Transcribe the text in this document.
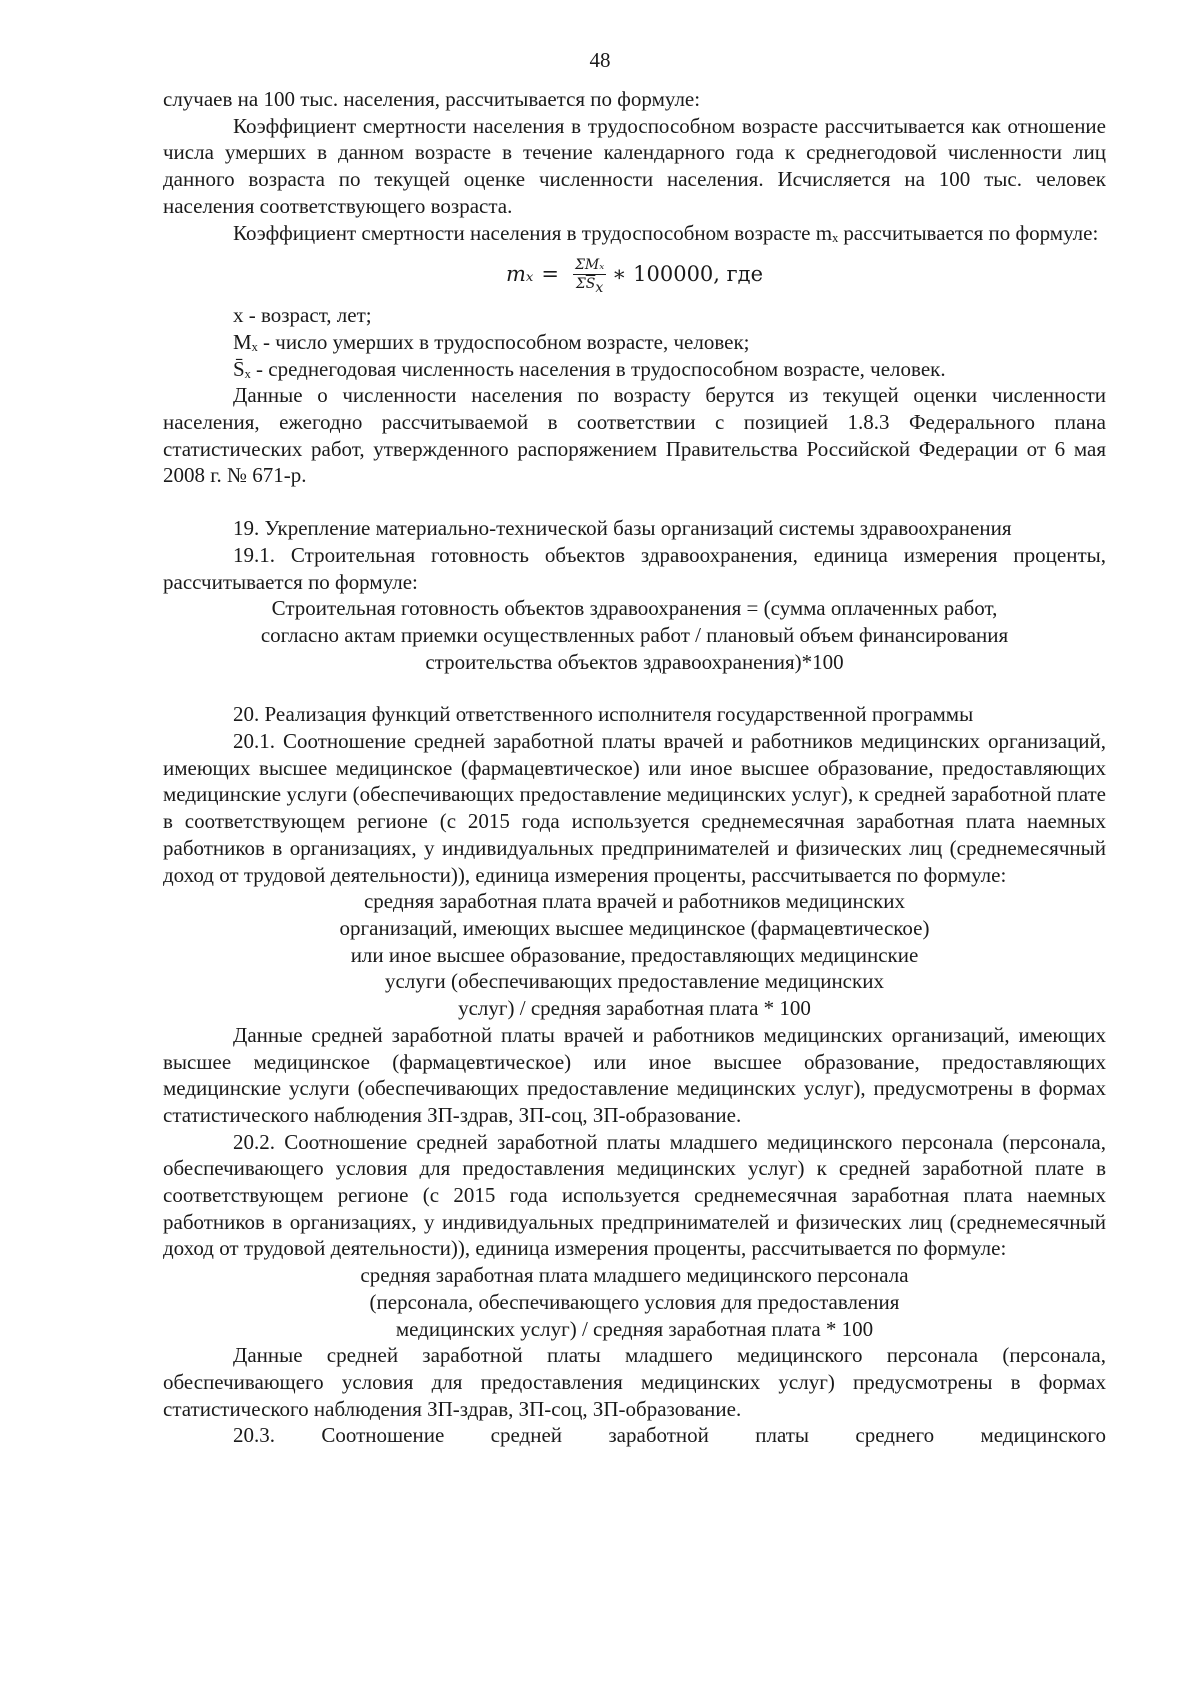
48

случаев на 100 тыс. населения, рассчитывается по формуле:

Коэффициент смертности населения в трудоспособном возрасте рассчитывается как отношение числа умерших в данном возрасте в течение календарного года к среднегодовой численности лиц данного возраста по текущей оценке численности населения. Исчисляется на 100 тыс. человек населения соответствующего возраста.

Коэффициент смертности населения в трудоспособном возрасте mₓ рассчитывается по формуле:

$m_x = \frac{\text{ΣMₓ}}{\Sigma\overline{S}_x}$ ∗ 100000, где

x - возраст, лет;

Mₓ - число умерших в трудоспособном возрасте, человек;

S̄ₓ - среднегодовая численность населения в трудоспособном возрасте, человек.

Данные о численности населения по возрасту берутся из текущей оценки численности населения, ежегодно рассчитываемой в соответствии с позицией 1.8.3 Федерального плана статистических работ, утвержденного распоряжением Правительства Российской Федерации от 6 мая 2008 г. № 671-р.

19. Укрепление материально-технической базы организаций системы здравоохранения

19.1. Строительная готовность объектов здравоохранения, единица измерения проценты, рассчитывается по формуле:

Строительная готовность объектов здравоохранения = (сумма оплаченных работ,
согласно актам приемки осуществленных работ / плановый объем финансирования
строительства объектов здравоохранения)*100

20. Реализация функций ответственного исполнителя государственной программы

20.1. Соотношение средней заработной платы врачей и работников медицинских организаций, имеющих высшее медицинское (фармацевтическое) или иное высшее образование, предоставляющих медицинские услуги (обеспечивающих предоставление медицинских услуг), к средней заработной плате в соответствующем регионе (с 2015 года используется среднемесячная заработная плата наемных работников в организациях, у индивидуальных предпринимателей и физических лиц (среднемесячный доход от трудовой деятельности)), единица измерения проценты, рассчитывается по формуле:

средняя заработная плата врачей и работников медицинских
организаций, имеющих высшее медицинское (фармацевтическое)
или иное высшее образование, предоставляющих медицинские
услуги (обеспечивающих предоставление медицинских
услуг) / средняя заработная плата * 100

Данные средней заработной платы врачей и работников медицинских организаций, имеющих высшее медицинское (фармацевтическое) или иное высшее образование, предоставляющих медицинские услуги (обеспечивающих предоставление медицинских услуг), предусмотрены в формах статистического наблюдения ЗП-здрав, ЗП-соц, ЗП-образование.

20.2. Соотношение средней заработной платы младшего медицинского персонала (персонала, обеспечивающего условия для предоставления медицинских услуг) к средней заработной плате в соответствующем регионе (с 2015 года используется среднемесячная заработная плата наемных работников в организациях, у индивидуальных предпринимателей и физических лиц (среднемесячный доход от трудовой деятельности)), единица измерения проценты, рассчитывается по формуле:

средняя заработная плата младшего медицинского персонала
(персонала, обеспечивающего условия для предоставления
медицинских услуг) / средняя заработная плата * 100

Данные средней заработной платы младшего медицинского персонала (персонала, обеспечивающего условия для предоставления медицинских услуг) предусмотрены в формах статистического наблюдения ЗП-здрав, ЗП-соц, ЗП-образование.

20.3. Соотношение средней заработной платы среднего медицинского
